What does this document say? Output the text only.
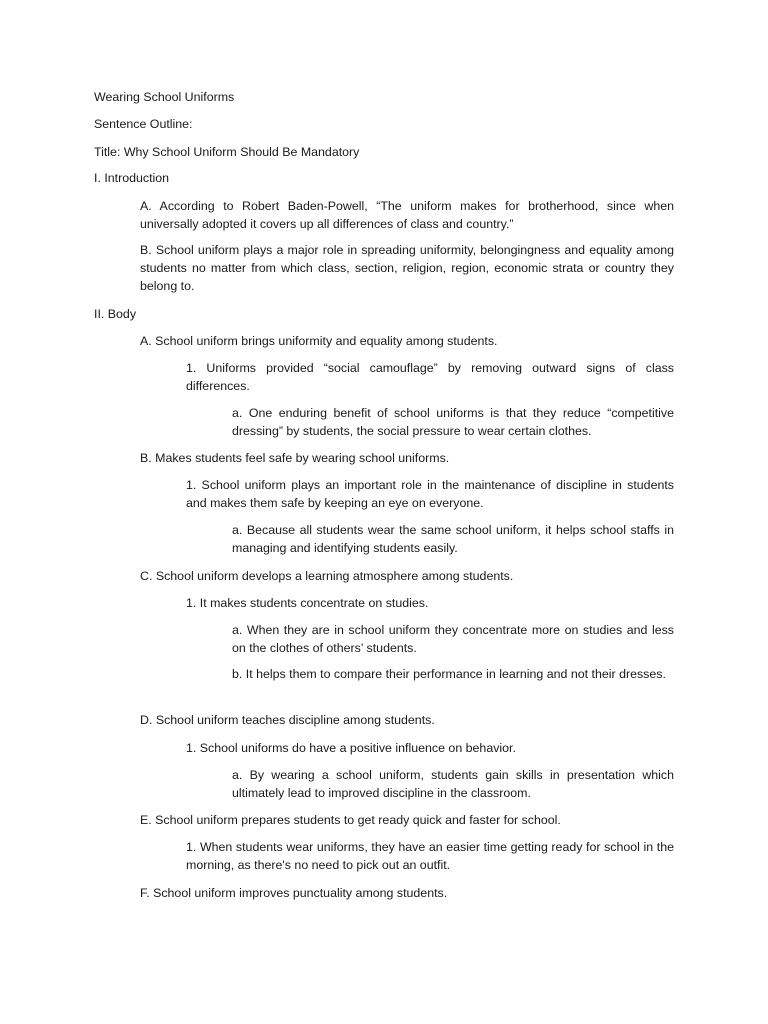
Wearing School Uniforms

Sentence Outline:

Title: Why School Uniform Should Be Mandatory

I. Introduction

A. According to Robert Baden-Powell, “The uniform makes for brotherhood, since when universally adopted it covers up all differences of class and country.”

B. School uniform plays a major role in spreading uniformity, belongingness and equality among students no matter from which class, section, religion, region, economic strata or country they belong to.

II. Body

A. School uniform brings uniformity and equality among students.

1. Uniforms provided “social camouflage” by removing outward signs of class differences.

a. One enduring benefit of school uniforms is that they reduce “competitive dressing” by students, the social pressure to wear certain clothes.

B. Makes students feel safe by wearing school uniforms.

1. School uniform plays an important role in the maintenance of discipline in students and makes them safe by keeping an eye on everyone.

a. Because all students wear the same school uniform, it helps school staffs in managing and identifying students easily.

C. School uniform develops a learning atmosphere among students.

1. It makes students concentrate on studies.

a. When they are in school uniform they concentrate more on studies and less on the clothes of others’ students.

b. It helps them to compare their performance in learning and not their dresses.

D. School uniform teaches discipline among students.

1. School uniforms do have a positive influence on behavior.

a. By wearing a school uniform, students gain skills in presentation which ultimately lead to improved discipline in the classroom.

E. School uniform prepares students to get ready quick and faster for school.

1. When students wear uniforms, they have an easier time getting ready for school in the morning, as there's no need to pick out an outfit.

F. School uniform improves punctuality among students.
